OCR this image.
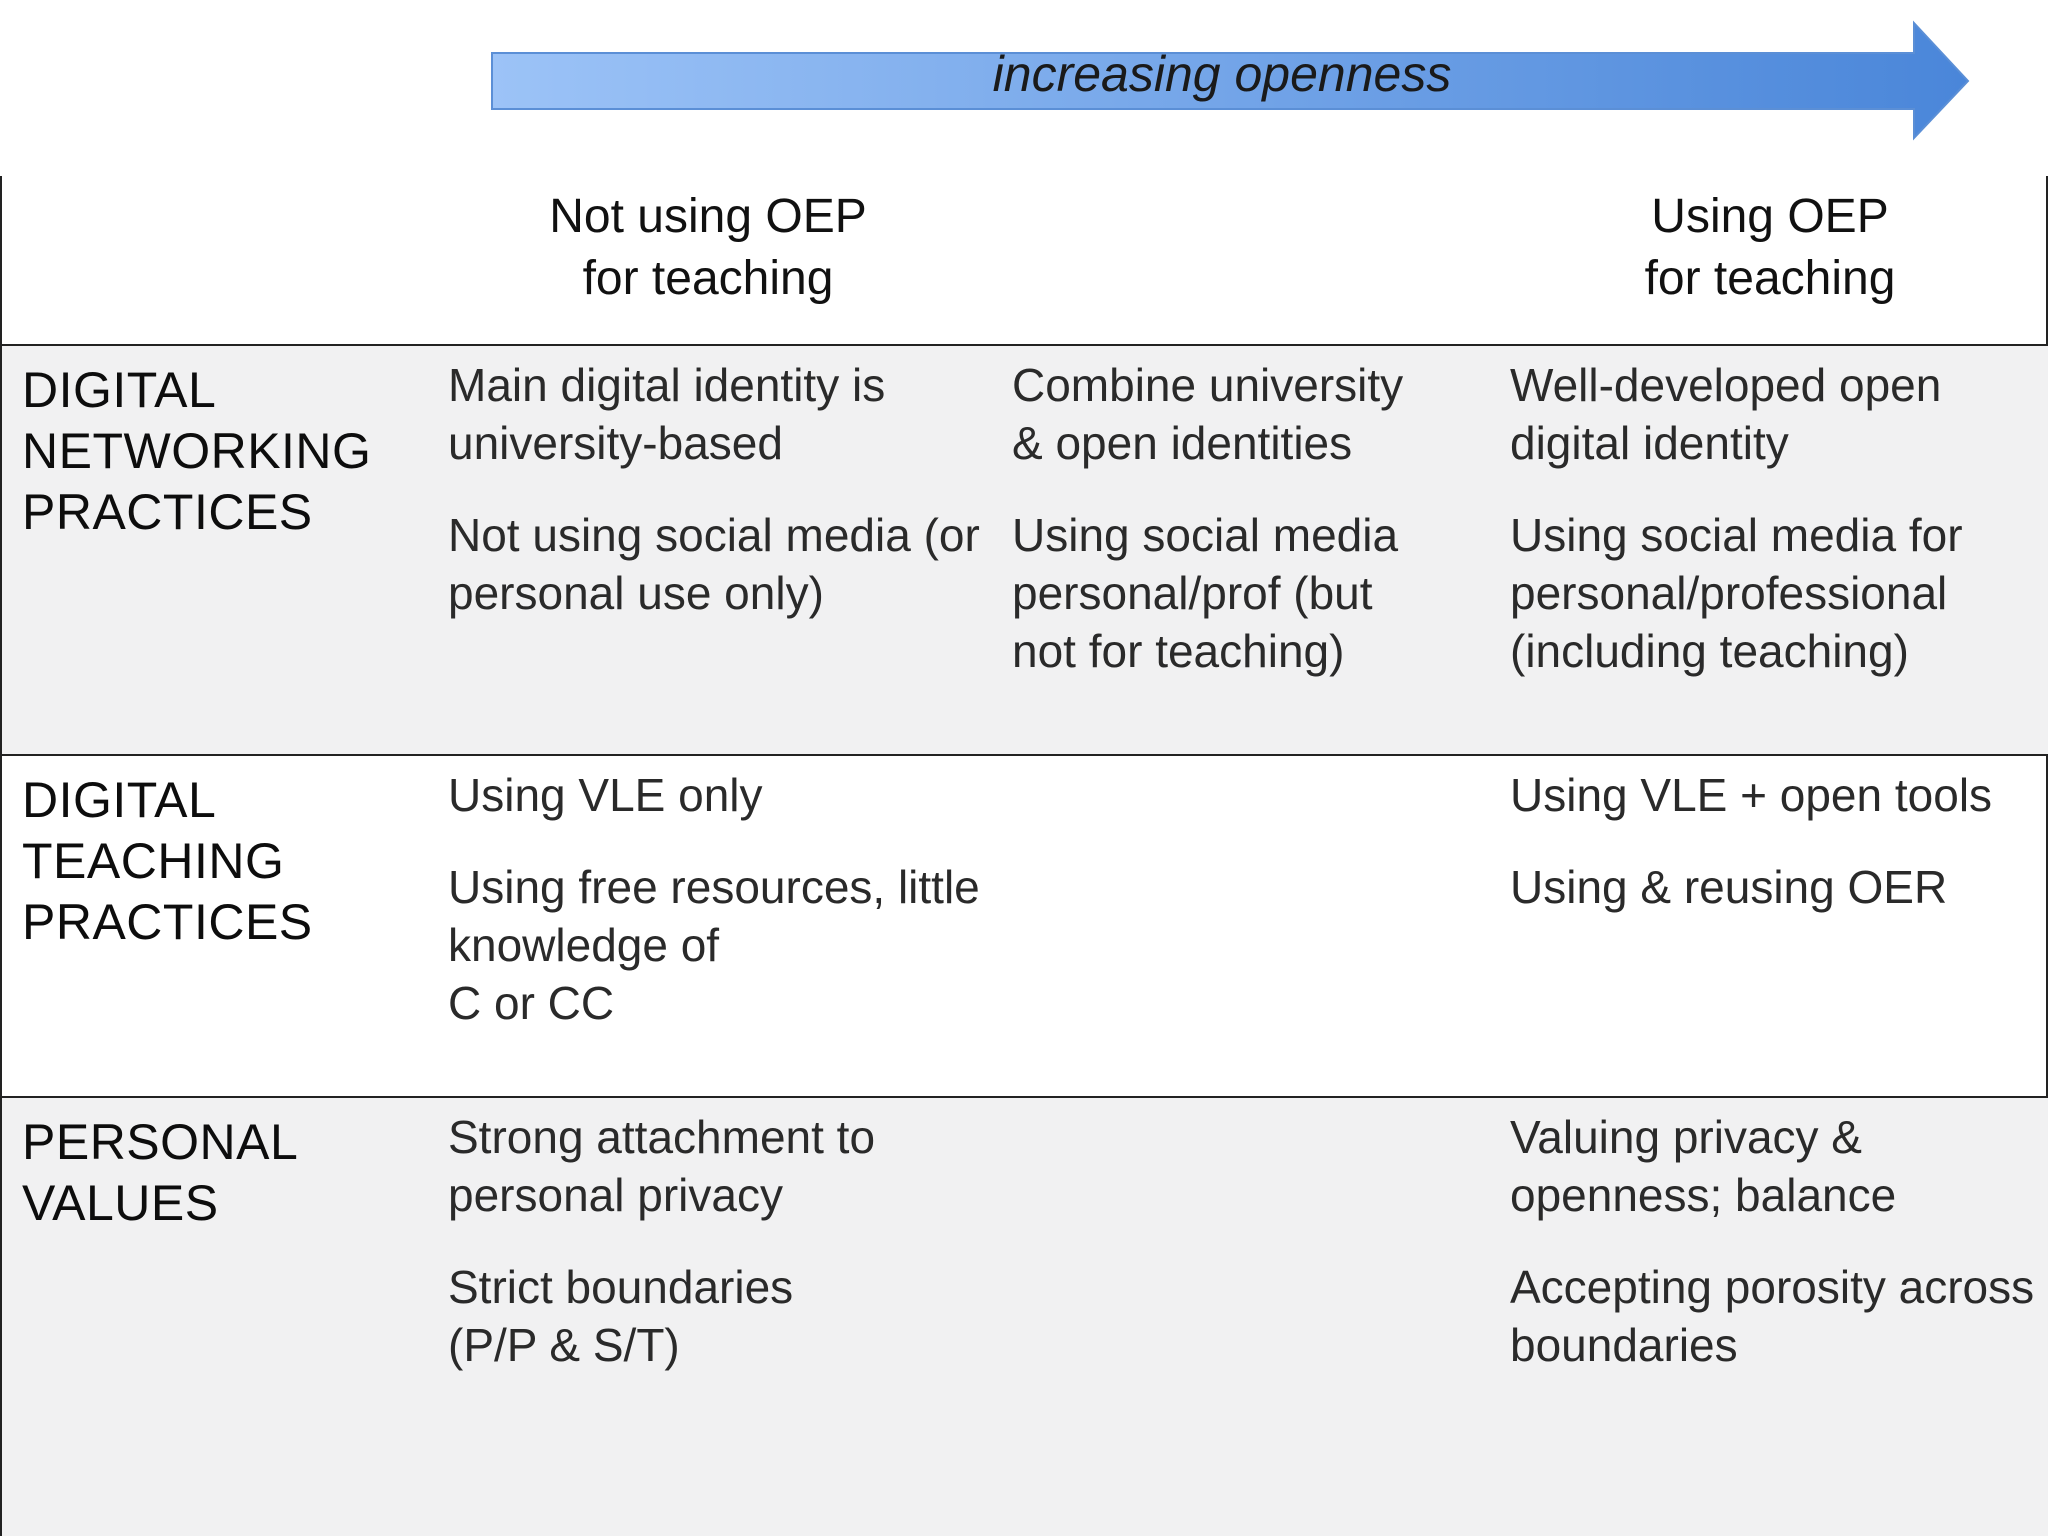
increasing openness
Not using OEP
for teaching
Using OEP
for teaching
DIGITAL
NETWORKING
PRACTICES

Main digital identity is
university-based

Not using social media (or
personal use only)

Combine university
& open identities

Using social media
personal/prof (but
not for teaching)

Well-developed open
digital identity

Using social media for
personal/professional
(including teaching)

DIGITAL
TEACHING
PRACTICES

Using VLE only

Using free resources, little
knowledge of
C or CC

Using VLE + open tools

Using & reusing OER

PERSONAL
VALUES

Strong attachment to
personal privacy

Strict boundaries
(P/P & S/T)

Valuing privacy &
openness; balance

Accepting porosity across
boundaries
